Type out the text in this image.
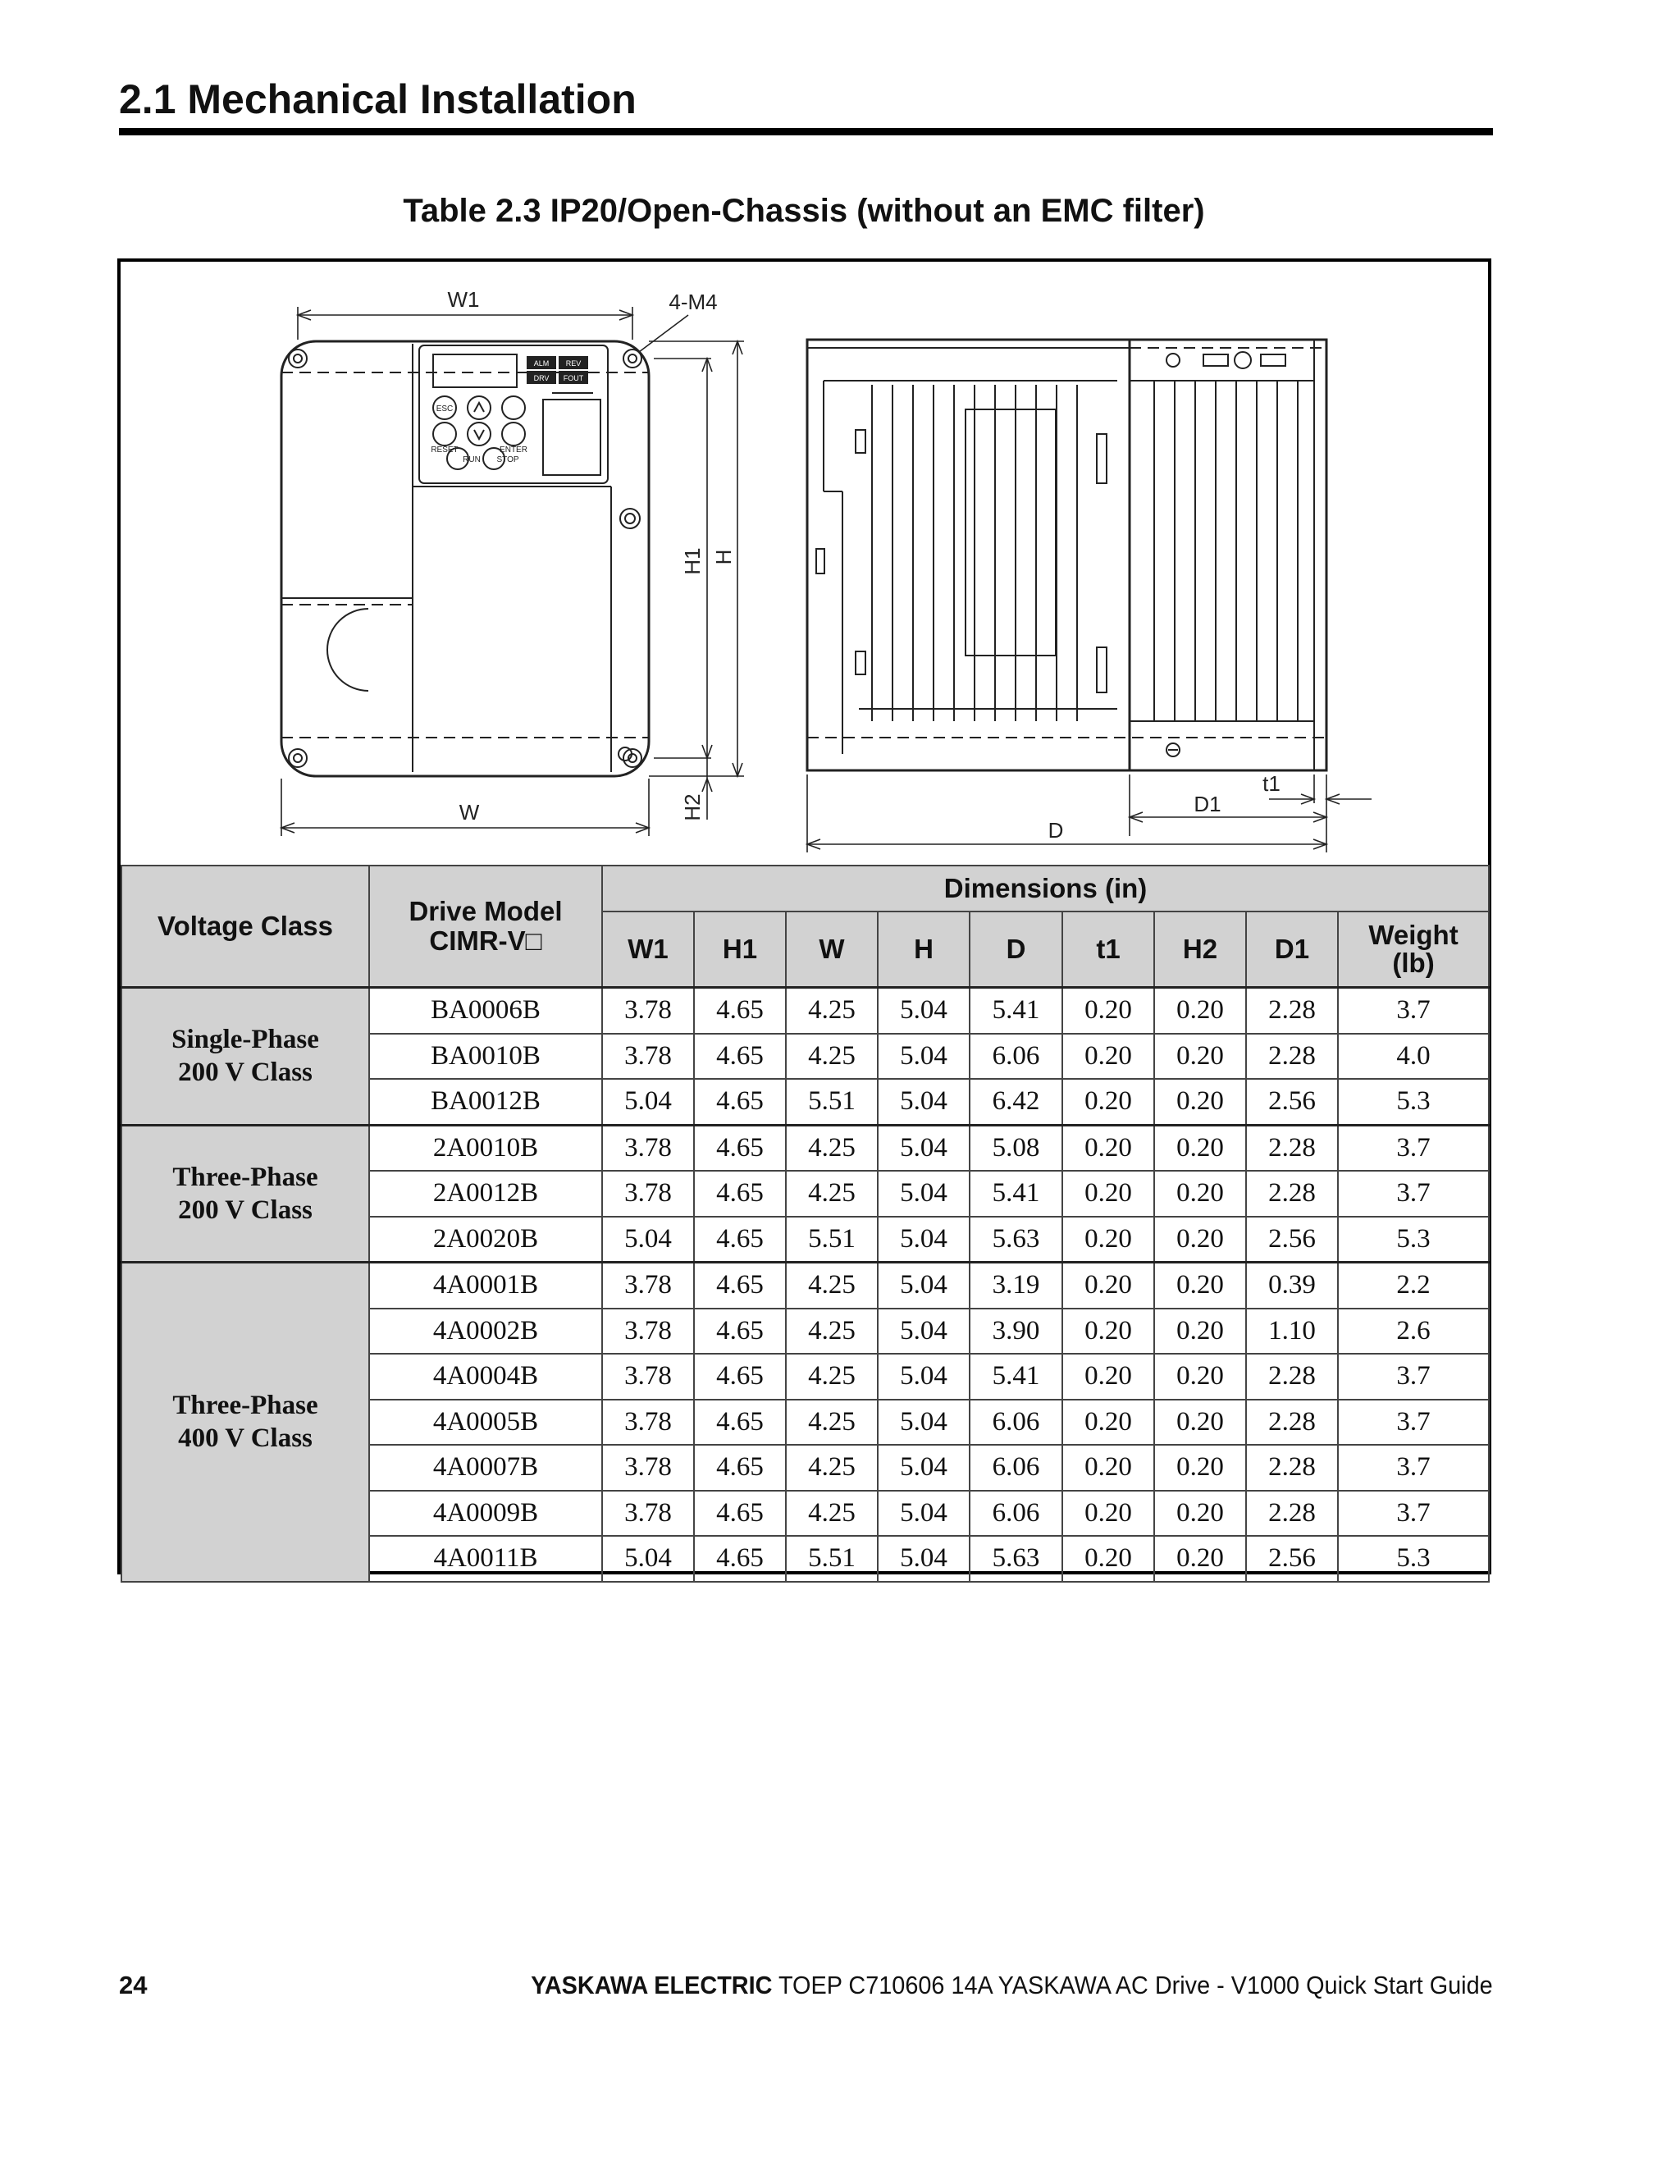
2.1 Mechanical Installation
Table 2.3 IP20/Open-Chassis (without an EMC filter)
ALM REV
DRV FOUT
ESC
RESET	ENTER
RUN STOP
W1	4-M4
H1 H
H2
W
D
D1
t1
Voltage Class	Drive Model
CIMR-V□	Dimensions (in)								
		W1	H1	W	H	D	t1	H2	D1	Weight
(lb)
Single-Phase
200 V Class	BA0006B	3.78	4.65	4.25	5.04	5.41	0.20	0.20	2.28	3.7
	BA0010B	3.78	4.65	4.25	5.04	6.06	0.20	0.20	2.28	4.0
	BA0012B	5.04	4.65	5.51	5.04	6.42	0.20	0.20	2.56	5.3
Three-Phase
200 V Class	2A0010B	3.78	4.65	4.25	5.04	5.08	0.20	0.20	2.28	3.7
	2A0012B	3.78	4.65	4.25	5.04	5.41	0.20	0.20	2.28	3.7
	2A0020B	5.04	4.65	5.51	5.04	5.63	0.20	0.20	2.56	5.3
Three-Phase
400 V Class	4A0001B	3.78	4.65	4.25	5.04	3.19	0.20	0.20	0.39	2.2
	4A0002B	3.78	4.65	4.25	5.04	3.90	0.20	0.20	1.10	2.6
	4A0004B	3.78	4.65	4.25	5.04	5.41	0.20	0.20	2.28	3.7
	4A0005B	3.78	4.65	4.25	5.04	6.06	0.20	0.20	2.28	3.7
	4A0007B	3.78	4.65	4.25	5.04	6.06	0.20	0.20	2.28	3.7
	4A0009B	3.78	4.65	4.25	5.04	6.06	0.20	0.20	2.28	3.7
	4A0011B	5.04	4.65	5.51	5.04	5.63	0.20	0.20	2.56	5.3
24	YASKAWA ELECTRIC TOEP C710606 14A YASKAWA AC Drive - V1000 Quick Start Guide
